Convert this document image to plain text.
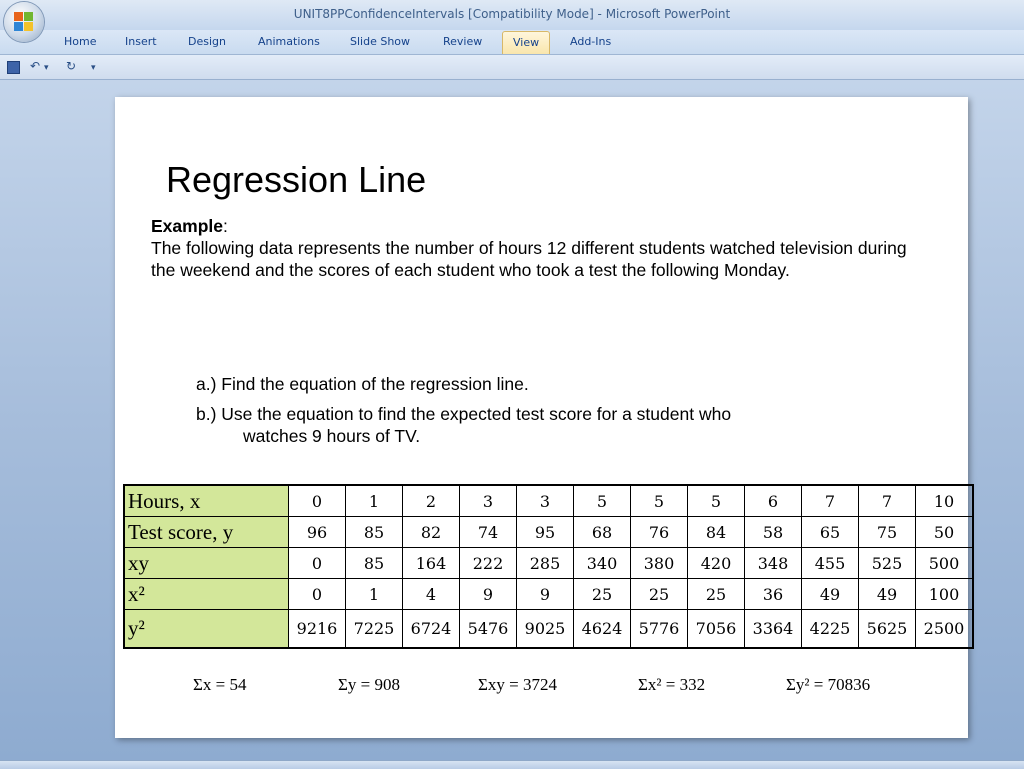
UNIT8PPConfidenceIntervals [Compatibility Mode] - Microsoft PowerPoint
Home	Insert	Design	Animations	Slide Show	Review	View	Add-Ins
↶ ▾ ↻ ▾
Regression Line
Example:
The following data represents the number of hours 12 different students watched television during the weekend and the scores of each student who took a test the following Monday.
a.) Find the equation of the regression line.
b.) Use the equation to find the expected test score for a student who
watches 9 hours of TV.
Hours, x	0	1	2	3	3	5	5	5	6	7	7	10
Test score, y	96	85	82	74	95	68	76	84	58	65	75	50
xy	0	85	164	222	285	340	380	420	348	455	525	500
x²	0	1	4	9	9	25	25	25	36	49	49	100
y²	9216	7225	6724	5476	9025	4624	5776	7056	3364	4225	5625	2500
Σx = 54	Σy = 908	Σxy = 3724	Σx² = 332	Σy² = 70836
